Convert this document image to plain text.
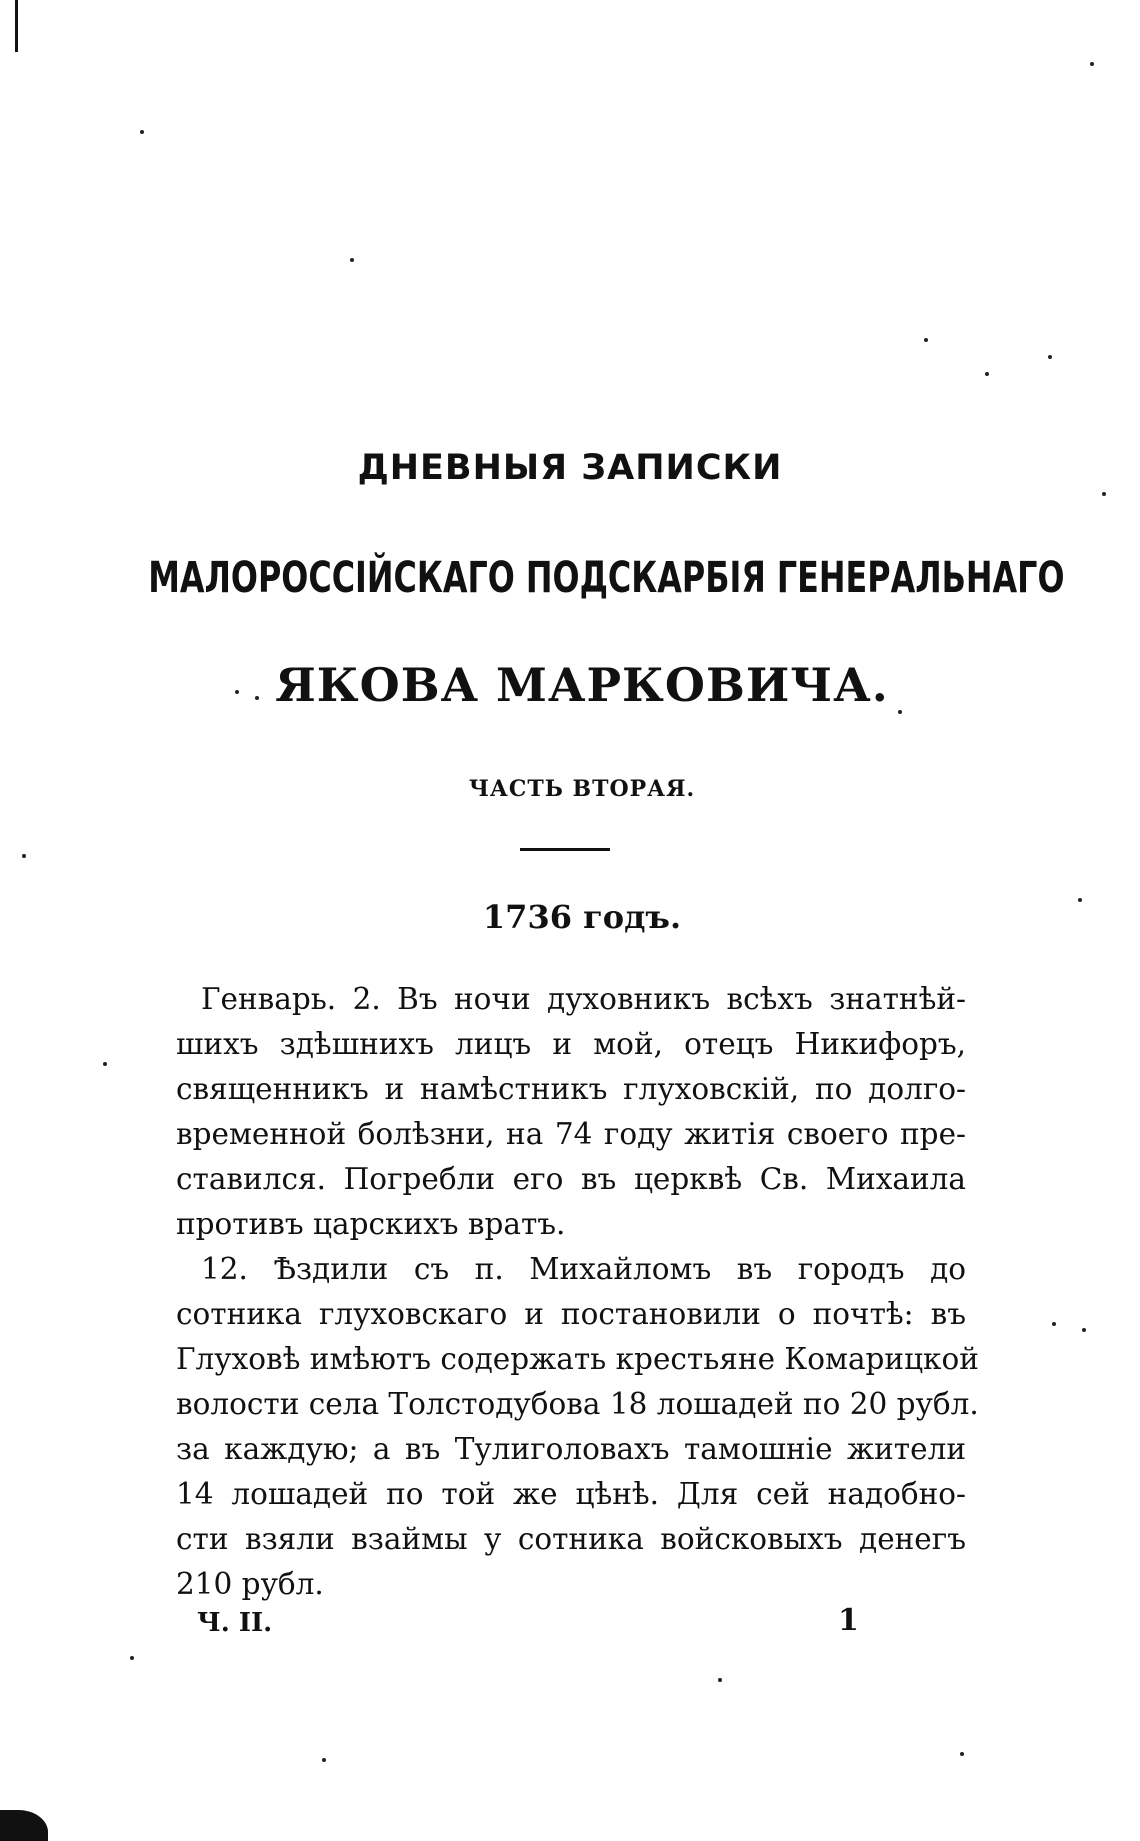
ДНЕВНЫЯ ЗАПИСКИ
МАЛОРОССІЙСКАГО ПОДСКАРБІЯ ГЕНЕРАЛЬНАГО
ЯКОВА МАРКОВИЧА.
ЧАСТЬ ВТОРАЯ.
1736 годъ.
Генварь. 2. Въ ночи духовникъ всѣхъ знатнѣй-
шихъ здѣшнихъ лицъ и мой, отецъ Никифоръ,
священникъ и намѣстникъ глуховскій, по долго-
временной болѣзни, на 74 году житія своего пре-
ставился. Погребли его въ церквѣ Св. Михаила
противъ царскихъ вратъ.
12. Ѣздили съ п. Михайломъ въ городъ до
сотника глуховскаго и постановили о почтѣ: въ
Глуховѣ имѣютъ содержать крестьяне Комарицкой
волости села Толстодубова 18 лошадей по 20 рубл.
за каждую; а въ Тулиголовахъ тамошніе жители
14 лошадей по той же цѣнѣ. Для сей надобно-
сти взяли взаймы у сотника войсковыхъ денегъ
210 рубл.
Ч. II.	1
